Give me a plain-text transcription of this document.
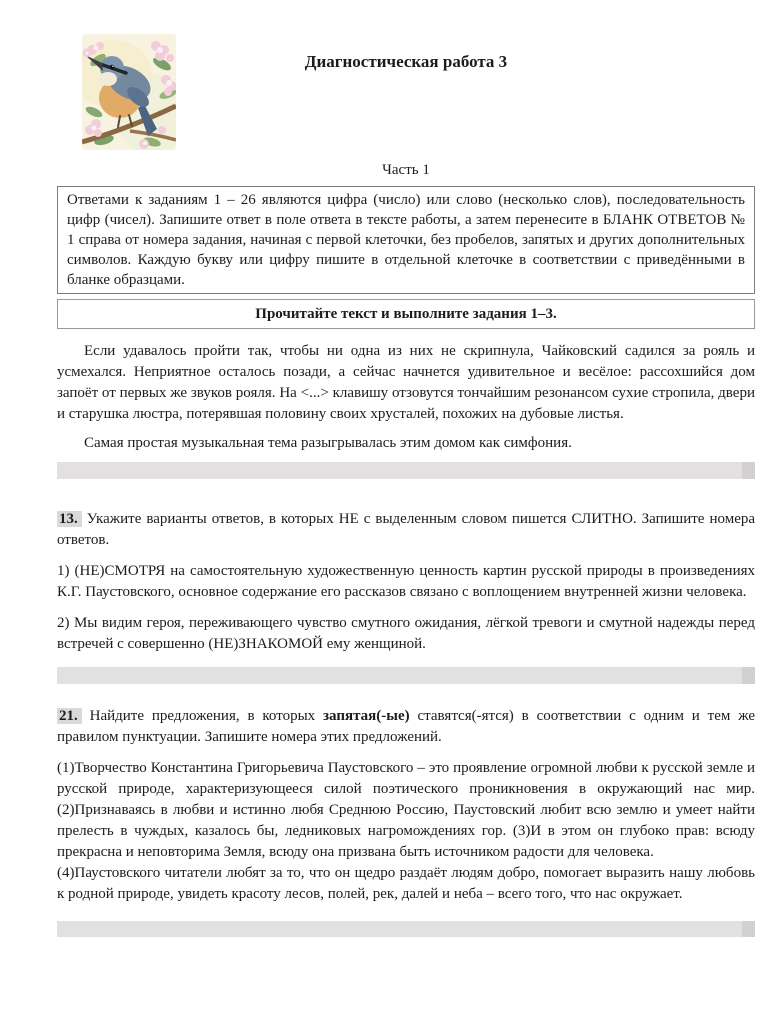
Диагностическая работа 3
Часть 1

Ответами к заданиям 1 – 26 являются цифра (число) или слово (несколько слов), последовательность цифр (чисел). Запишите ответ в поле ответа в тексте работы, а затем перенесите в БЛАНК ОТВЕТОВ № 1 справа от номера задания, начиная с первой клеточки, без пробелов, запятых и других дополнительных символов. Каждую букву или цифру пишите в отдельной клеточке в соответствии с приведёнными в бланке образцами.

Прочитайте текст и выполните задания 1–3.

Если удавалось пройти так, чтобы ни одна из них не скрипнула, Чайковский садился за рояль и усмехался. Неприятное осталось позади, а сейчас начнется удивительное и весёлое: рассохшийся дом запоёт от первых же звуков рояля. На <...> клавишу отзовутся тончайшим резонансом сухие стропила, двери и старушка люстра, потерявшая половину своих хрусталей, похожих на дубовые листья.

Самая простая музыкальная тема разыгрывалась этим домом как симфония.

13. Укажите варианты ответов, в которых НЕ с выделенным словом пишется СЛИТНО. Запишите номера ответов.

1) (НЕ)СМОТРЯ на самостоятельную художественную ценность картин русской природы в произведениях К.Г. Паустовского, основное содержание его рассказов связано с воплощением внутренней жизни человека.

2) Мы видим героя, переживающего чувство смутного ожидания, лёгкой тревоги и смутной надежды перед встречей с совершенно (НЕ)ЗНАКОМОЙ ему женщиной.

21. Найдите предложения, в которых запятая(-ые) ставятся(-ятся) в соответствии с одним и тем же правилом пунктуации. Запишите номера этих предложений.

(1)Творчество Константина Григорьевича Паустовского – это проявление огромной любви к русской земле и русской природе, характеризующееся силой поэтического проникновения в окружающий нас мир. (2)Признаваясь в любви и истинно любя Среднюю Россию, Паустовский любит всю землю и умеет найти прелесть в чуждых, казалось бы, ледниковых нагромождениях гор. (3)И в этом он глубоко прав: всюду прекрасна и неповторима Земля, всюду она призвана быть источником радости для человека.

(4)Паустовского читатели любят за то, что он щедро раздаёт людям добро, помогает выразить нашу любовь к родной природе, увидеть красоту лесов, полей, рек, далей и неба – всего того, что нас окружает.
